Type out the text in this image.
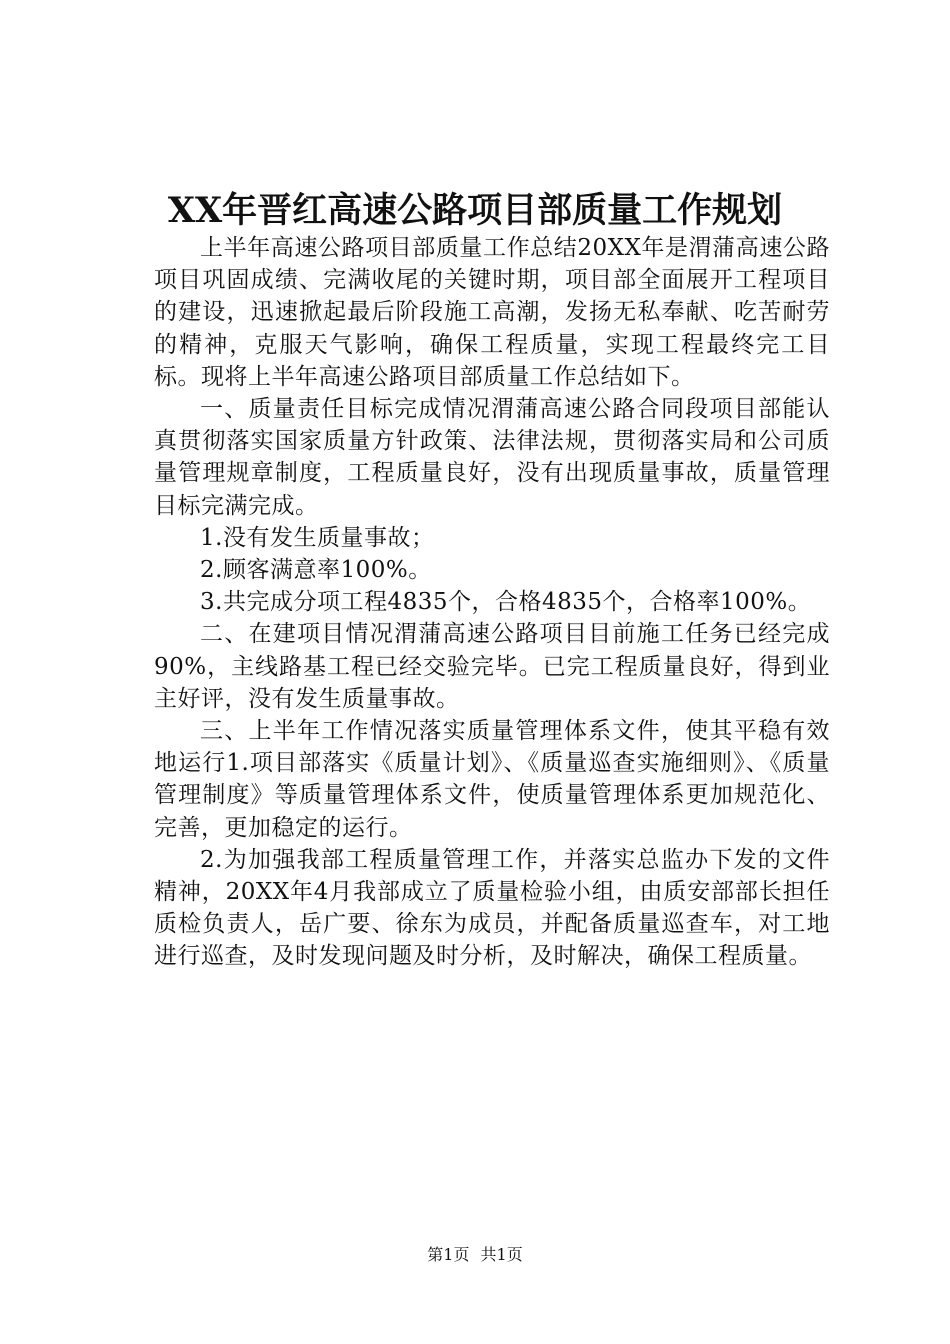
XX年晋红高速公路项目部质量工作规划

上半年高速公路项目部质量工作总结20XX年是渭蒲高速公路项目巩固成绩、完满收尾的关键时期，项目部全面展开工程项目的建设，迅速掀起最后阶段施工高潮，发扬无私奉献、吃苦耐劳的精神，克服天气影响，确保工程质量，实现工程最终完工目标。现将上半年高速公路项目部质量工作总结如下。

一、质量责任目标完成情况渭蒲高速公路合同段项目部能认真贯彻落实国家质量方针政策、法律法规，贯彻落实局和公司质量管理规章制度，工程质量良好，没有出现质量事故，质量管理目标完满完成。

1.没有发生质量事故；

2.顾客满意率100%。

3.共完成分项工程4835个，合格4835个，合格率100%。

二、在建项目情况渭蒲高速公路项目目前施工任务已经完成90%，主线路基工程已经交验完毕。已完工程质量良好，得到业主好评，没有发生质量事故。

三、上半年工作情况落实质量管理体系文件，使其平稳有效地运行1.项目部落实《质量计划》、《质量巡查实施细则》、《质量管理制度》等质量管理体系文件，使质量管理体系更加规范化、完善，更加稳定的运行。

2.为加强我部工程质量管理工作，并落实总监办下发的文件精神，20XX年4月我部成立了质量检验小组，由质安部部长担任质检负责人，岳广要、徐东为成员，并配备质量巡查车，对工地进行巡查，及时发现问题及时分析，及时解决，确保工程质量。

第1页 共1页
